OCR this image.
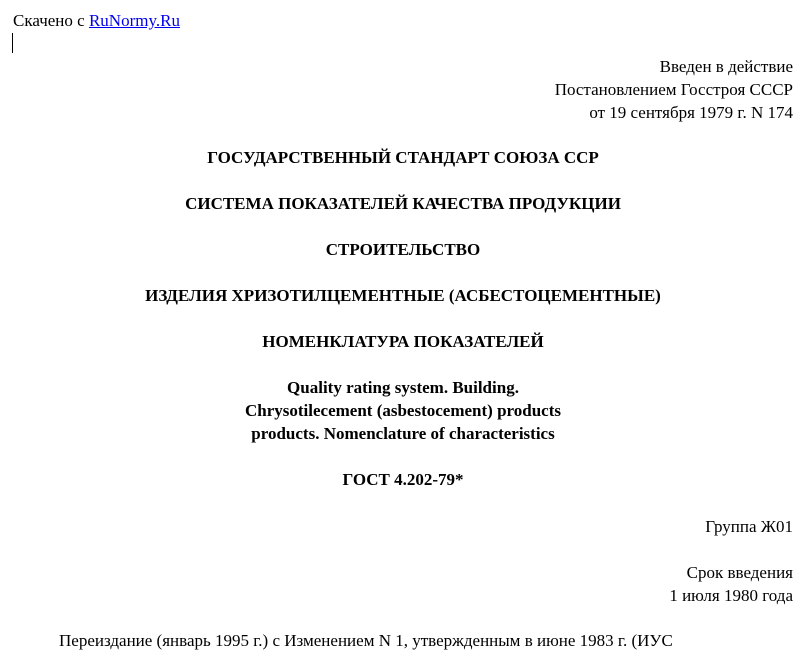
Скачено с RuNormy.Ru
Введен в действие
Постановлением Госстроя СССР
от 19 сентября 1979 г. N 174
ГОСУДАРСТВЕННЫЙ СТАНДАРТ СОЮЗА ССР
СИСТЕМА ПОКАЗАТЕЛЕЙ КАЧЕСТВА ПРОДУКЦИИ
СТРОИТЕЛЬСТВО
ИЗДЕЛИЯ ХРИЗОТИЛЦЕМЕНТНЫЕ (АСБЕСТОЦЕМЕНТНЫЕ)
НОМЕНКЛАТУРА ПОКАЗАТЕЛЕЙ
Quality rating system. Building.
Chrysotilecement (asbestocement) products
products. Nomenclature of characteristics
ГОСТ 4.202-79*
Группа Ж01
Срок введения
1 июля 1980 года
Переиздание (январь 1995 г.) с Изменением N 1, утвержденным в июне 1983 г. (ИУС
